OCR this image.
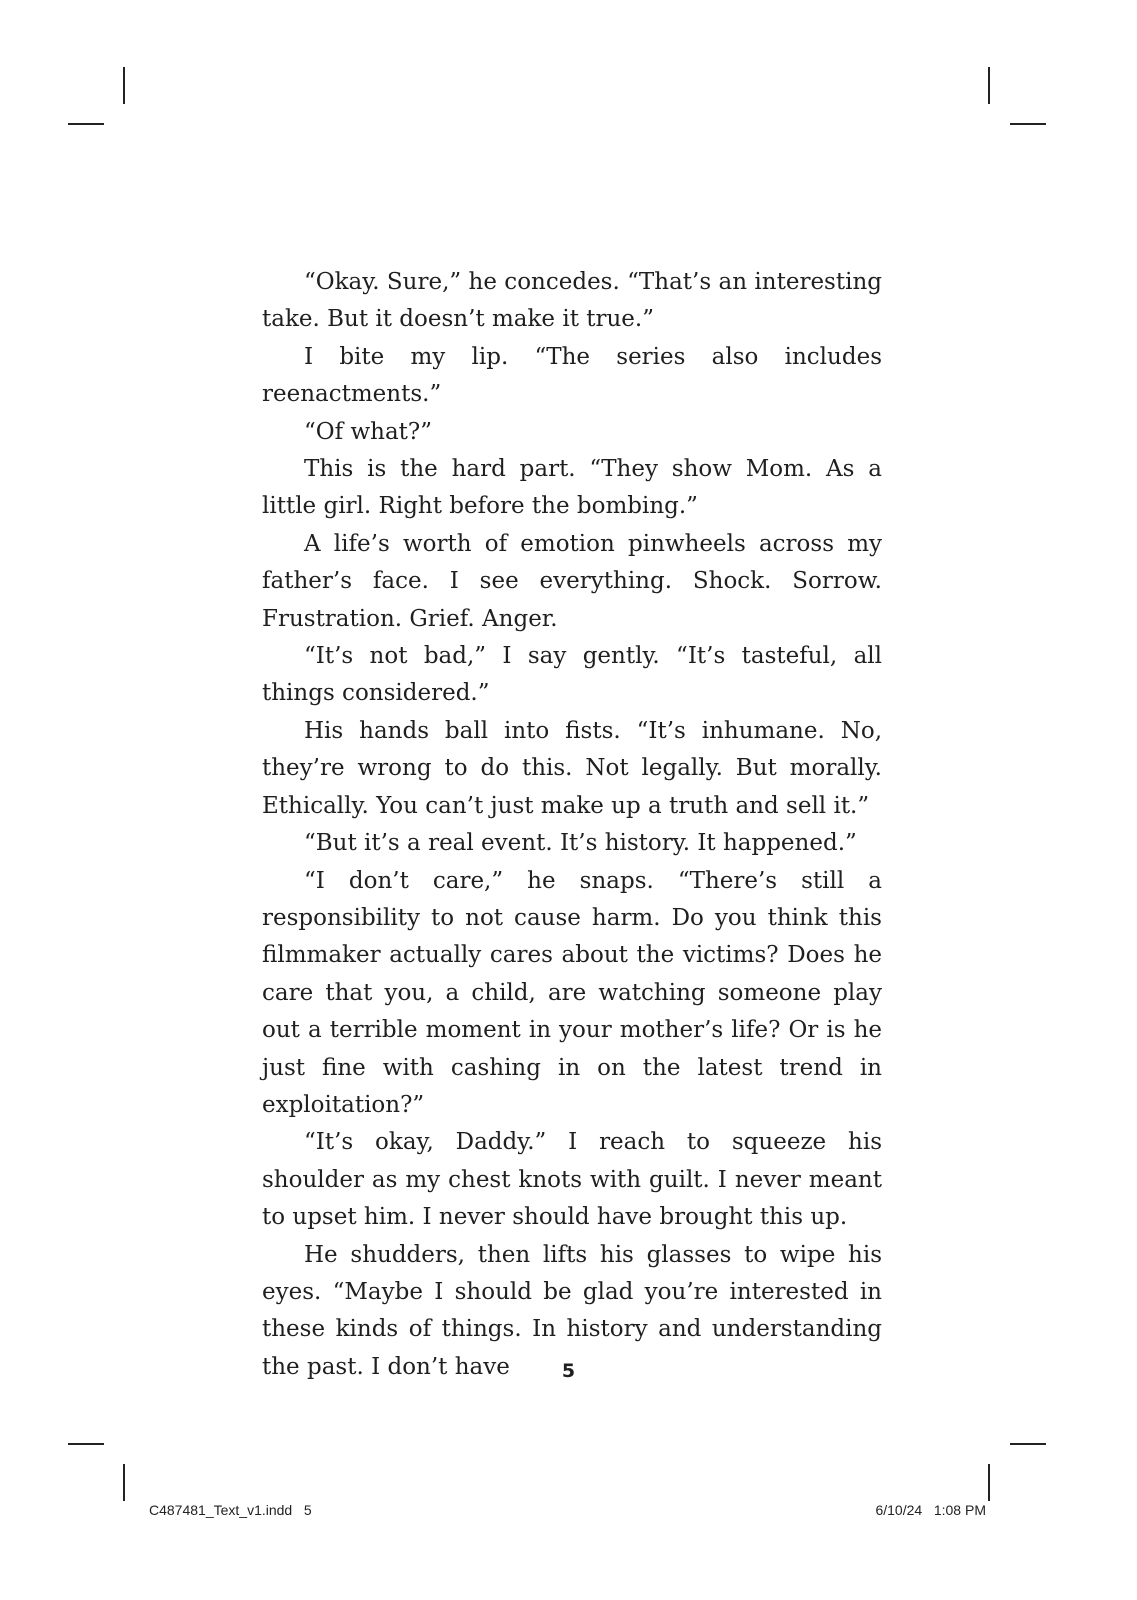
“Okay. Sure,” he concedes. “That’s an interesting take. But it doesn’t make it true.”

I bite my lip. “The series also includes reenactments.”

“Of what?”

This is the hard part. “They show Mom. As a little girl. Right before the bombing.”

A life’s worth of emotion pinwheels across my father’s face. I see everything. Shock. Sorrow. Frustration. Grief. Anger.

“It’s not bad,” I say gently. “It’s tasteful, all things considered.”

His hands ball into fists. “It’s inhumane. No, they’re wrong to do this. Not legally. But morally. Ethically. You can’t just make up a truth and sell it.”

“But it’s a real event. It’s history. It happened.”

“I don’t care,” he snaps. “There’s still a responsibility to not cause harm. Do you think this filmmaker actually cares about the victims? Does he care that you, a child, are watching someone play out a terrible moment in your mother’s life? Or is he just fine with cashing in on the latest trend in exploitation?”

“It’s okay, Daddy.” I reach to squeeze his shoulder as my chest knots with guilt. I never meant to upset him. I never should have brought this up.

He shudders, then lifts his glasses to wipe his eyes. “Maybe I should be glad you’re interested in these kinds of things. In history and understanding the past. I don’t have	5
C487481_Text_v1.indd   5	6/10/24   1:08 PM
